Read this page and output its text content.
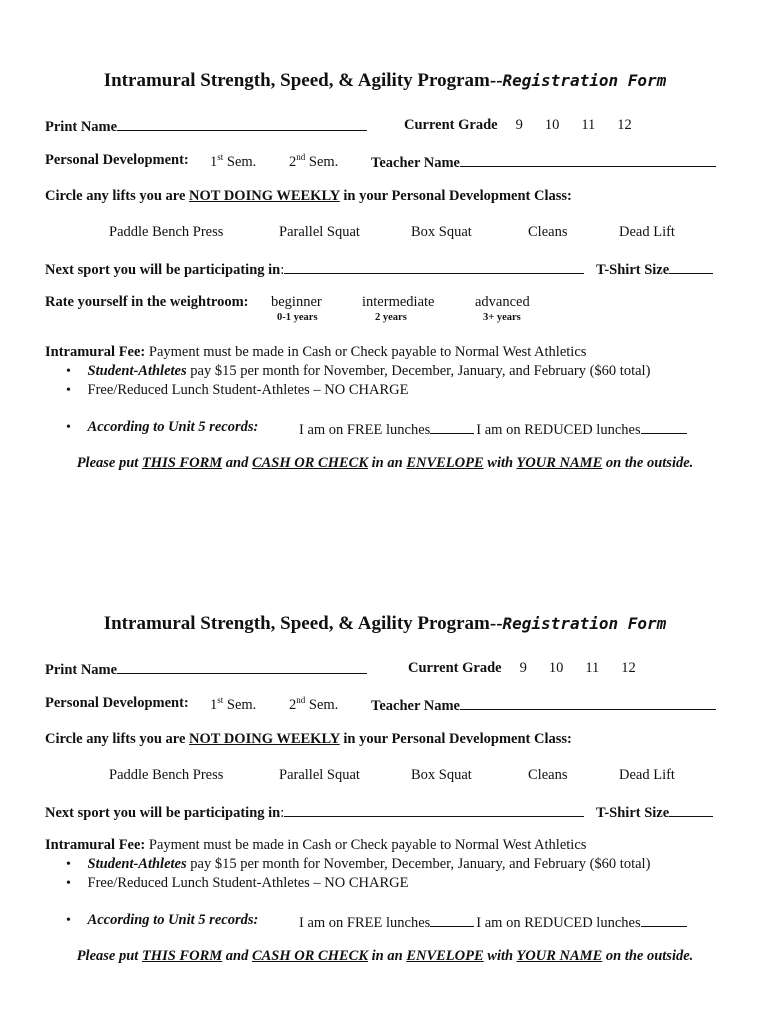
Intramural Strength, Speed, & Agility Program--Registration Form
Print Name	Current Grade 9 10 11 12
Personal Development: 1st Sem. 2nd Sem. Teacher Name
Circle any lifts you are NOT DOING WEEKLY in your Personal Development Class:
Paddle Bench Press	Parallel Squat	Box Squat	Cleans	Dead Lift
Next sport you will be participating in:	T-Shirt Size
Rate yourself in the weightroom: beginner
0-1 years
intermediate
2 years
advanced
3+ years
Intramural Fee: Payment must be made in Cash or Check payable to Normal West Athletics
• Student-Athletes pay $15 per month for November, December, January, and February ($60 total)
• Free/Reduced Lunch Student-Athletes – NO CHARGE
• According to Unit 5 records:	I am on FREE lunches	I am on REDUCED lunches
Please put THIS FORM and CASH OR CHECK in an ENVELOPE with YOUR NAME on the outside.
Intramural Strength, Speed, & Agility Program--Registration Form
Print Name	Current Grade 9 10 11 12
Personal Development: 1st Sem. 2nd Sem. Teacher Name
Circle any lifts you are NOT DOING WEEKLY in your Personal Development Class:
Paddle Bench Press	Parallel Squat	Box Squat	Cleans	Dead Lift
Next sport you will be participating in:	T-Shirt Size
Intramural Fee: Payment must be made in Cash or Check payable to Normal West Athletics
• Student-Athletes pay $15 per month for November, December, January, and February ($60 total)
• Free/Reduced Lunch Student-Athletes – NO CHARGE
• According to Unit 5 records:	I am on FREE lunches	I am on REDUCED lunches
Please put THIS FORM and CASH OR CHECK in an ENVELOPE with YOUR NAME on the outside.
